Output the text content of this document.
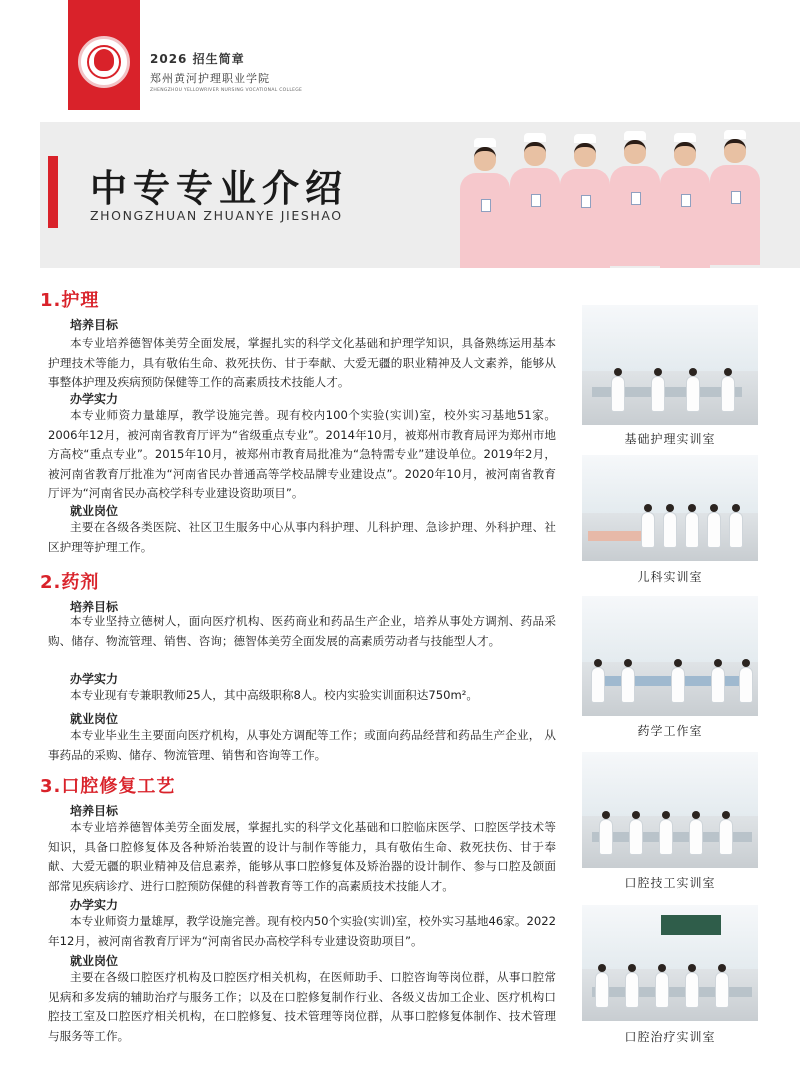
2026 招生简章
郑州黄河护理职业学院
ZHENGZHOU YELLOWRIVER NURSING VOCATIONAL COLLEGE
中专专业介绍
ZHONGZHUAN ZHUANYE JIESHAO
1.护理
培养目标
本专业培养德智体美劳全面发展，掌握扎实的科学文化基础和护理学知识，具备熟练运用基本护理技术等能力，具有敬佑生命、救死扶伤、甘于奉献、大爱无疆的职业精神及人文素养，能够从事整体护理及疾病预防保健等工作的高素质技术技能人才。
办学实力
本专业师资力量雄厚，教学设施完善。现有校内100个实验(实训)室，校外实习基地51家。2006年12月，被河南省教育厅评为“省级重点专业”。2014年10月，被郑州市教育局评为郑州市地方高校“重点专业”。2015年10月，被郑州市教育局批准为“急特需专业”建设单位。2019年2月，被河南省教育厅批准为“河南省民办普通高等学校品牌专业建设点”。2020年10月，被河南省教育厅评为“河南省民办高校学科专业建设资助项目”。
就业岗位
主要在各级各类医院、社区卫生服务中心从事内科护理、儿科护理、急诊护理、外科护理、社区护理等护理工作。
2.药剂
培养目标
本专业坚持立德树人，面向医疗机构、医药商业和药品生产企业，培养从事处方调剂、药品采购、储存、物流管理、销售、咨询；德智体美劳全面发展的高素质劳动者与技能型人才。
办学实力
本专业现有专兼职教师25人，其中高级职称8人。校内实验实训面积达750m²。
就业岗位
本专业毕业生主要面向医疗机构，从事处方调配等工作；或面向药品经营和药品生产企业， 从事药品的采购、储存、物流管理、销售和咨询等工作。
3.口腔修复工艺
培养目标
本专业培养德智体美劳全面发展，掌握扎实的科学文化基础和口腔临床医学、口腔医学技术等知识，具备口腔修复体及各种矫治装置的设计与制作等能力，具有敬佑生命、救死扶伤、甘于奉献、大爱无疆的职业精神及信息素养，能够从事口腔修复体及矫治器的设计制作、参与口腔及颌面部常见疾病诊疗、进行口腔预防保健的科普教育等工作的高素质技术技能人才。
办学实力
本专业师资力量雄厚，教学设施完善。现有校内50个实验(实训)室，校外实习基地46家。2022年12月，被河南省教育厅评为“河南省民办高校学科专业建设资助项目”。
就业岗位
主要在各级口腔医疗机构及口腔医疗相关机构，在医师助手、口腔咨询等岗位群，从事口腔常见病和多发病的辅助治疗与服务工作；以及在口腔修复制作行业、各级义齿加工企业、医疗机构口腔技工室及口腔医疗相关机构，在口腔修复、技术管理等岗位群，从事口腔修复体制作、技术管理与服务等工作。
基础护理实训室
儿科实训室
药学工作室
口腔技工实训室
口腔治疗实训室
